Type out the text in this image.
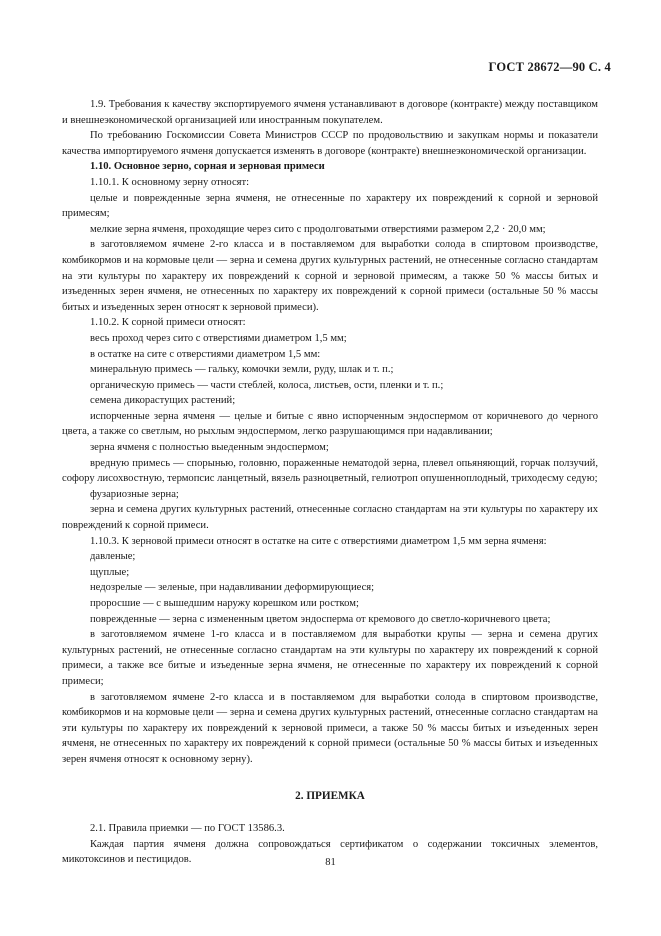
ГОСТ 28672—90 С. 4

1.9. Требования к качеству экспортируемого ячменя устанавливают в договоре (контракте) между поставщиком и внешнеэкономической организацией или иностранным покупателем.

По требованию Госкомиссии Совета Министров СССР по продовольствию и закупкам нормы и показатели качества импортируемого ячменя допускается изменять в договоре (контракте) внешнеэкономической организации.

1.10. Основное зерно, сорная и зерновая примеси

1.10.1. К основному зерну относят:

целые и поврежденные зерна ячменя, не отнесенные по характеру их повреждений к сорной и зерновой примесям;

мелкие зерна ячменя, проходящие через сито с продолговатыми отверстиями размером 2,2 · 20,0 мм;

в заготовляемом ячмене 2-го класса и в поставляемом для выработки солода в спиртовом производстве, комбикормов и на кормовые цели — зерна и семена других культурных растений, не отнесенные согласно стандартам на эти культуры по характеру их повреждений к сорной и зерновой примесям, а также 50 % массы битых и изъеденных зерен ячменя, не отнесенных по характеру их повреждений к сорной примеси (остальные 50 % массы битых и изъеденных зерен относят к зерновой примеси).

1.10.2. К сорной примеси относят:

весь проход через сито с отверстиями диаметром 1,5 мм;

в остатке на сите с отверстиями диаметром 1,5 мм:

минеральную примесь — гальку, комочки земли, руду, шлак и т. п.;

органическую примесь — части стеблей, колоса, листьев, ости, пленки и т. п.;

семена дикорастущих растений;

испорченные зерна ячменя — целые и битые с явно испорченным эндоспермом от коричневого до черного цвета, а также со светлым, но рыхлым эндоспермом, легко разрушающимся при надавливании;

зерна ячменя с полностью выеденным эндоспермом;

вредную примесь — спорынью, головню, пораженные нематодой зерна, плевел опьяняющий, горчак ползучий, софору лисохвостную, термопсис ланцетный, вязель разноцветный, гелиотроп опушенноплодный, триходесму седую;

фузариозные зерна;

зерна и семена других культурных растений, отнесенные согласно стандартам на эти культуры по характеру их повреждений к сорной примеси.

1.10.3. К зерновой примеси относят в остатке на сите с отверстиями диаметром 1,5 мм зерна ячменя:

давленые;

щуплые;

недозрелые — зеленые, при надавливании деформирующиеся;

проросшие — с вышедшим наружу корешком или ростком;

поврежденные — зерна с измененным цветом эндосперма от кремового до светло-коричневого цвета;

в заготовляемом ячмене 1-го класса и в поставляемом для выработки крупы — зерна и семена других культурных растений, не отнесенные согласно стандартам на эти культуры по характеру их повреждений к сорной примеси, а также все битые и изъеденные зерна ячменя, не отнесенные по характеру их повреждений к сорной примеси;

в заготовляемом ячмене 2-го класса и в поставляемом для выработки солода в спиртовом производстве, комбикормов и на кормовые цели — зерна и семена других культурных растений, отнесенные согласно стандартам на эти культуры по характеру их повреждений к зерновой примеси, а также 50 % массы битых и изъеденных зерен ячменя, не отнесенных по характеру их повреждений к сорной примеси (остальные 50 % массы битых и изъеденных зерен ячменя относят к основному зерну).

2. ПРИЕМКА

2.1. Правила приемки — по ГОСТ 13586.3.

Каждая партия ячменя должна сопровождаться сертификатом о содержании токсичных элементов, микотоксинов и пестицидов.	81
